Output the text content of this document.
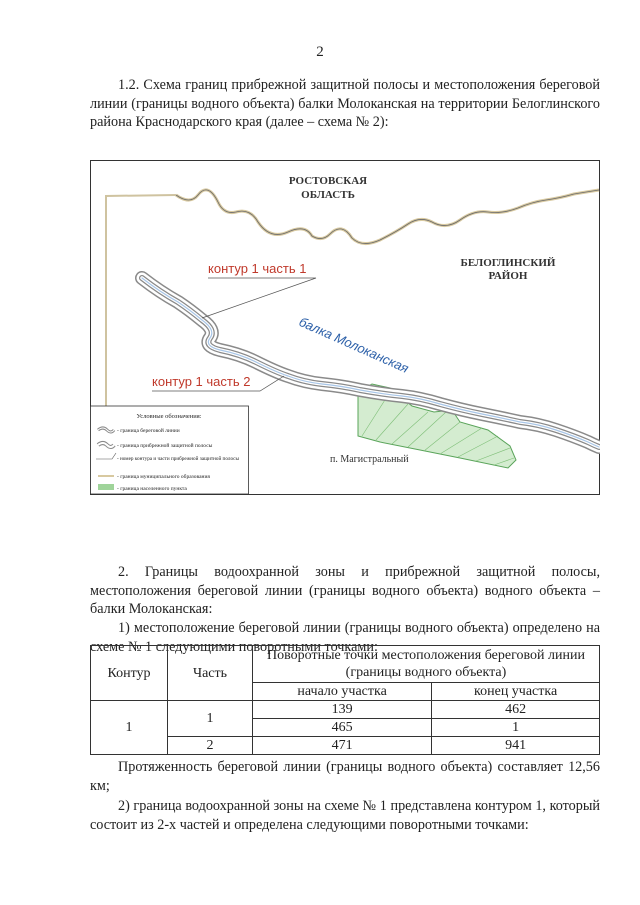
2
1.2. Схема границ прибрежной защитной полосы и местоположения береговой линии (границы водного объекта) балки Молоканская на территории Белоглинского района Краснодарского края (далее – схема № 2):
РОСТОВСКАЯ
ОБЛАСТЬ
БЕЛОГЛИНСКИЙ
РАЙОН
балка Молоканская
контур 1 часть 1
контур 1 часть 2
п. Магистральный
Условные обозначения:
- граница береговой линии
- граница прибрежной защитной полосы
- номер контура и части прибрежной защитной полосы
- граница муниципального образования
- граница населенного пункта
2. Границы водоохранной зоны и прибрежной защитной полосы, местоположения береговой линии (границы водного объекта) водного объекта – балки Молоканская:
1) местоположение береговой линии (границы водного объекта) определено на схеме № 1 следующими поворотными точками:
Контур	Часть	Поворотные точки местоположения береговой линии (границы водного объекта)	
		начало участка	конец участка
1	1	139	462
		465	1
	2	471	941
Протяженность береговой линии (границы водного объекта) составляет 12,56 км;
2) граница водоохранной зоны на схеме № 1 представлена контуром 1, который состоит из 2-х частей и определена следующими поворотными точками:
